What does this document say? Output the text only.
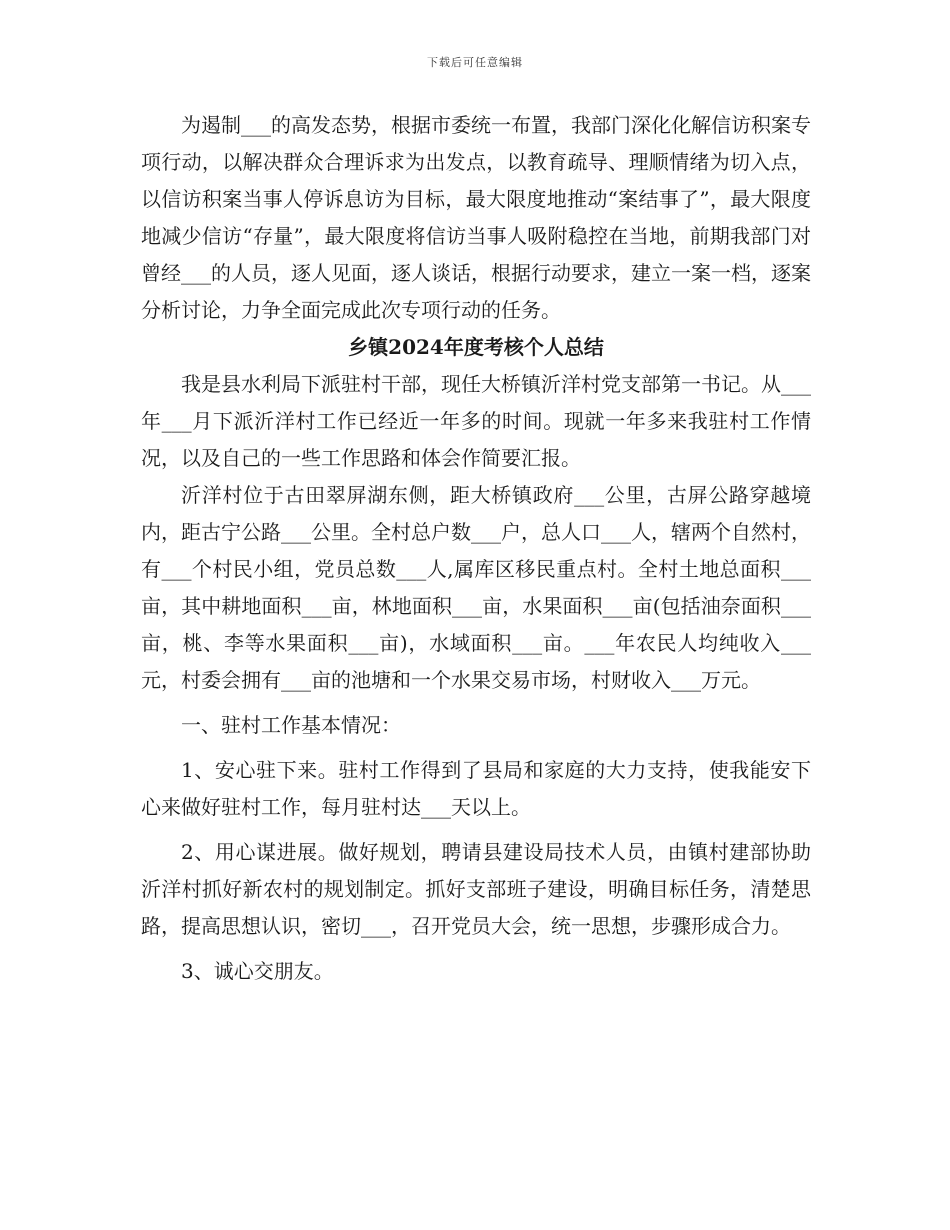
下载后可任意编辑

为遏制___的高发态势，根据市委统一布置，我部门深化化解信访积案专项行动，以解决群众合理诉求为出发点，以教育疏导、理顺情绪为切入点，以信访积案当事人停诉息访为目标，最大限度地推动“案结事了”，最大限度地减少信访“存量”，最大限度将信访当事人吸附稳控在当地，前期我部门对曾经___的人员，逐人见面，逐人谈话，根据行动要求，建立一案一档，逐案分析讨论，力争全面完成此次专项行动的任务。

乡镇2024年度考核个人总结

我是县水利局下派驻村干部，现任大桥镇沂洋村党支部第一书记。从___年___月下派沂洋村工作已经近一年多的时间。现就一年多来我驻村工作情况，以及自己的一些工作思路和体会作简要汇报。

沂洋村位于古田翠屏湖东侧，距大桥镇政府___公里，古屏公路穿越境内，距古宁公路___公里。全村总户数___户，总人口___人，辖两个自然村，有___个村民小组，党员总数___人,属库区移民重点村。全村土地总面积___亩，其中耕地面积___亩，林地面积___亩，水果面积___亩(包括油奈面积___亩，桃、李等水果面积___亩)，水域面积___亩。___年农民人均纯收入___元，村委会拥有___亩的池塘和一个水果交易市场，村财收入___万元。

一、驻村工作基本情况：

1、安心驻下来。驻村工作得到了县局和家庭的大力支持，使我能安下心来做好驻村工作，每月驻村达___天以上。

2、用心谋进展。做好规划，聘请县建设局技术人员，由镇村建部协助沂洋村抓好新农村的规划制定。抓好支部班子建设，明确目标任务，清楚思路，提高思想认识，密切___，召开党员大会，统一思想，步骤形成合力。

3、诚心交朋友。
